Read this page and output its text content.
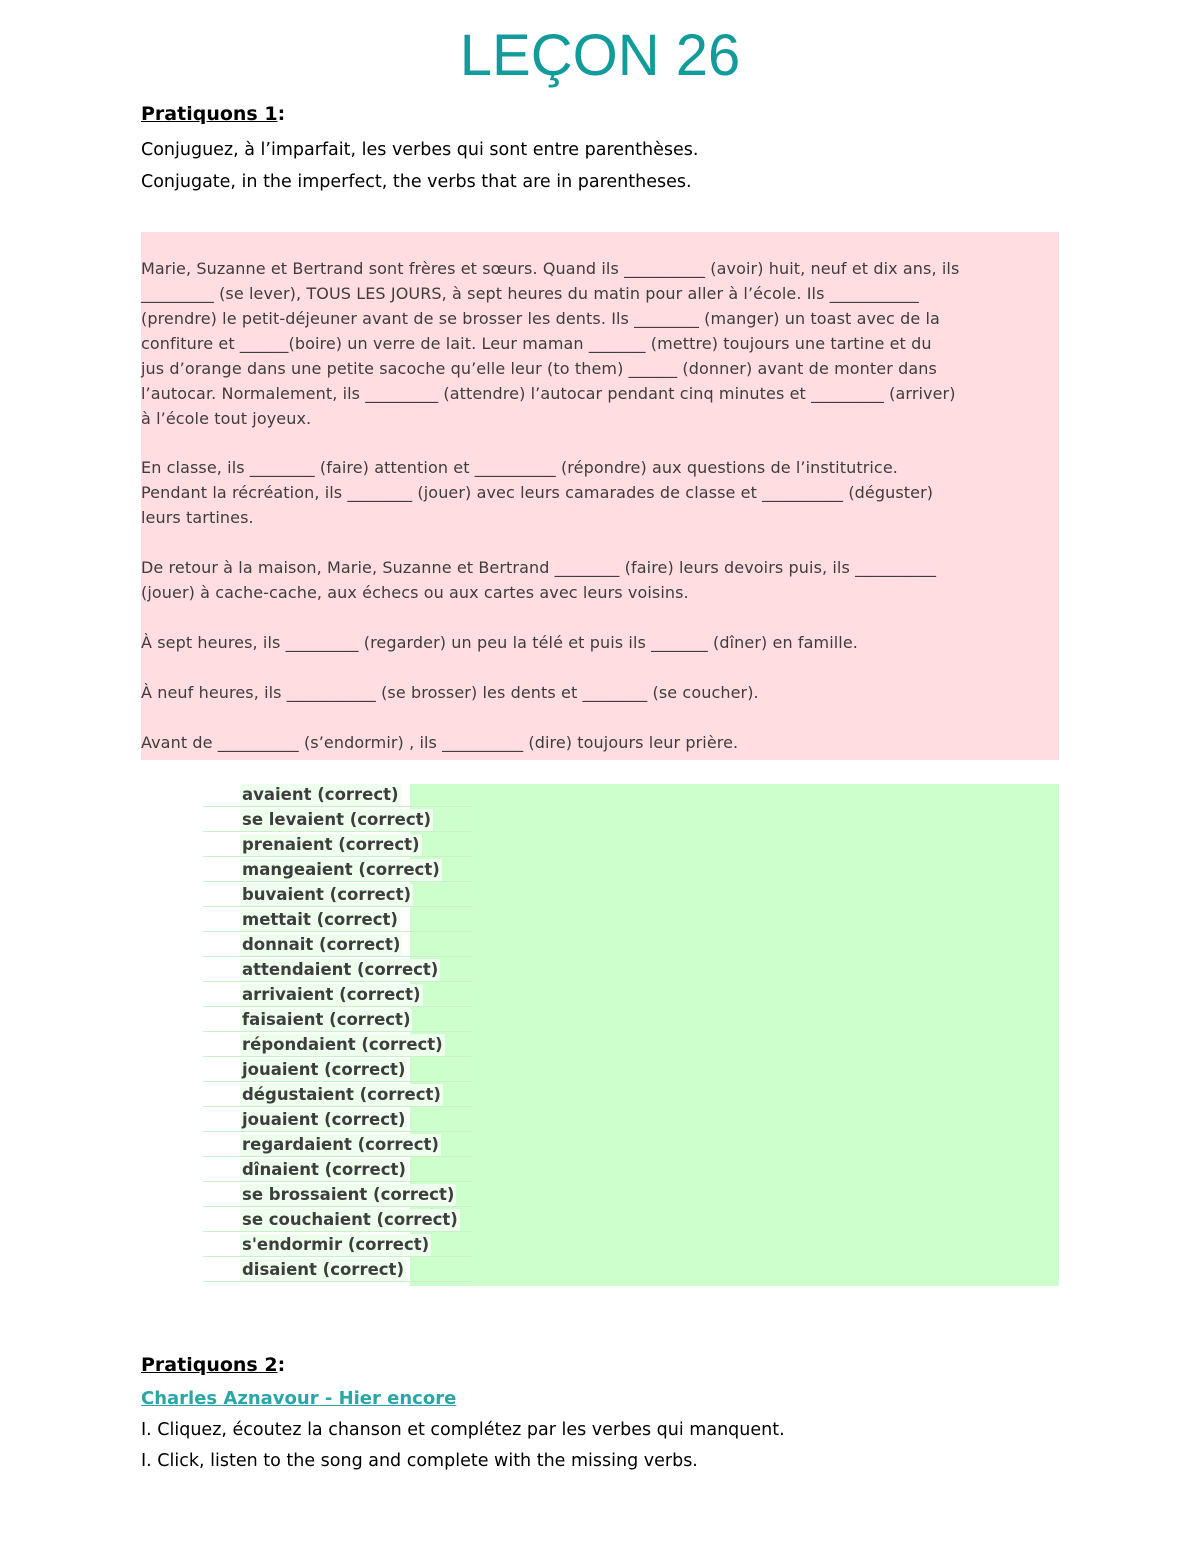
LEÇON 26
Pratiquons 1:
Conjuguez, à l’imparfait, les verbes qui sont entre parenthèses.
Conjugate, in the imperfect, the verbs that are in parentheses.
Marie, Suzanne et Bertrand sont frères et sœurs. Quand ils __________ (avoir) huit, neuf et dix ans, ils
_________ (se lever), TOUS LES JOURS, à sept heures du matin pour aller à l’école. Ils ___________
(prendre) le petit-déjeuner avant de se brosser les dents. Ils ________ (manger) un toast avec de la
confiture et ______(boire) un verre de lait. Leur maman _______ (mettre) toujours une tartine et du
jus d’orange dans une petite sacoche qu’elle leur (to them) ______ (donner) avant de monter dans
l’autocar. Normalement, ils _________ (attendre) l’autocar pendant cinq minutes et _________ (arriver)
à l’école tout joyeux.
En classe, ils ________ (faire) attention et __________ (répondre) aux questions de l’institutrice.
Pendant la récréation, ils ________ (jouer) avec leurs camarades de classe et __________ (déguster)
leurs tartines.
De retour à la maison, Marie, Suzanne et Bertrand ________ (faire) leurs devoirs puis, ils __________
(jouer) à cache-cache, aux échecs ou aux cartes avec leurs voisins.
À sept heures, ils _________ (regarder) un peu la télé et puis ils _______ (dîner) en famille.
À neuf heures, ils ___________ (se brosser) les dents et ________ (se coucher).
Avant de __________ (s’endormir) , ils __________ (dire) toujours leur prière.
avaient (correct)
se levaient (correct)
prenaient (correct)
mangeaient (correct)
buvaient (correct)
mettait (correct)
donnait (correct)
attendaient (correct)
arrivaient (correct)
faisaient (correct)
répondaient (correct)
jouaient (correct)
dégustaient (correct)
jouaient (correct)
regardaient (correct)
dînaient (correct)
se brossaient (correct)
se couchaient (correct)
s'endormir (correct)
disaient (correct)
Pratiquons 2:
Charles Aznavour - Hier encore
I. Cliquez, écoutez la chanson et complétez par les verbes qui manquent.
I. Click, listen to the song and complete with the missing verbs.
